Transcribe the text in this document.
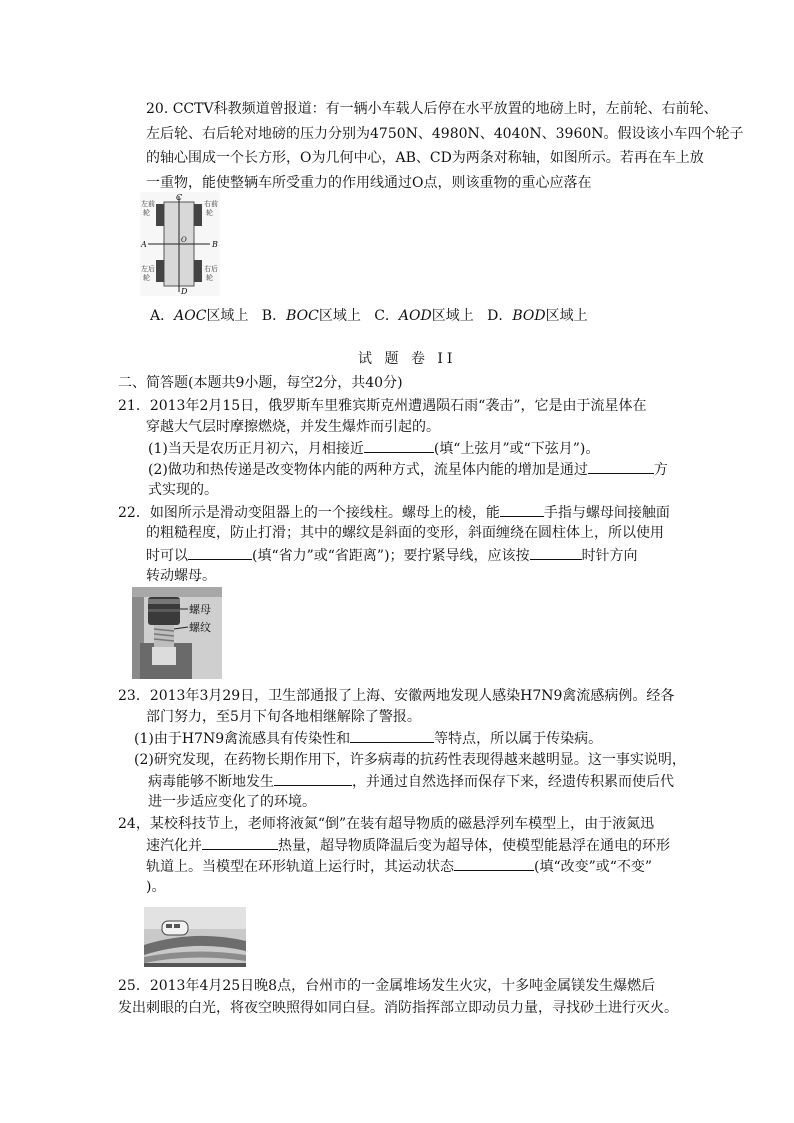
20. CCTV科教频道曾报道：有一辆小车载人后停在水平放置的地磅上时，左前轮、右前轮、
左后轮、右后轮对地磅的压力分别为4750N、4980N、4040N、3960N。假设该小车四个轮子
的轴心围成一个长方形，O为几何中心，AB、CD为两条对称轴，如图所示。若再在车上放
一重物，能使整辆车所受重力的作用线通过O点，则该重物的重心应落在
左前
轮
右前
轮
左后
轮
右后
轮
A	B
C
D
O
A．AOC区域上 B．BOC区域上 C．AOD区域上 D．BOD区域上
试 题 卷 II
二、简答题(本题共9小题，每空2分，共40分)
21．2013年2月15日，俄罗斯车里雅宾斯克州遭遇陨石雨“袭击”，它是由于流星体在
穿越大气层时摩擦燃烧，并发生爆炸而引起的。
(1)当天是农历正月初六，月相接近	(填“上弦月”或“下弦月”)。
(2)做功和热传递是改变物体内能的两种方式，流星体内能的增加是通过	方
式实现的。
22．如图所示是滑动变阻器上的一个接线柱。螺母上的棱，能	手指与螺母间接触面
的粗糙程度，防止打滑；其中的螺纹是斜面的变形，斜面缠绕在圆柱体上，所以使用
时可以	(填“省力”或“省距离”)；要拧紧导线，应该按	时针方向
转动螺母。
螺母
螺纹
23．2013年3月29日，卫生部通报了上海、安徽两地发现人感染H7N9禽流感病例。经各
部门努力，至5月下旬各地相继解除了警报。
(1)由于H7N9禽流感具有传染性和	等特点，所以属于传染病。
(2)研究发现，在药物长期作用下，许多病毒的抗药性表现得越来越明显。这一事实说明，
病毒能够不断地发生	，并通过自然选择而保存下来，经遗传积累而使后代
进一步适应变化了的环境。
24，某校科技节上，老师将液氮“倒”在装有超导物质的磁悬浮列车模型上，由于液氮迅
速汽化并	热量，超导物质降温后变为超导体，使模型能悬浮在通电的环形
轨道上。当模型在环形轨道上运行时，其运动状态	(填“改变”或“不变”
)。
25．2013年4月25日晚8点，台州市的一金属堆场发生火灾，十多吨金属镁发生爆燃后
发出刺眼的白光，将夜空映照得如同白昼。消防指挥部立即动员力量，寻找砂土进行灭火。
